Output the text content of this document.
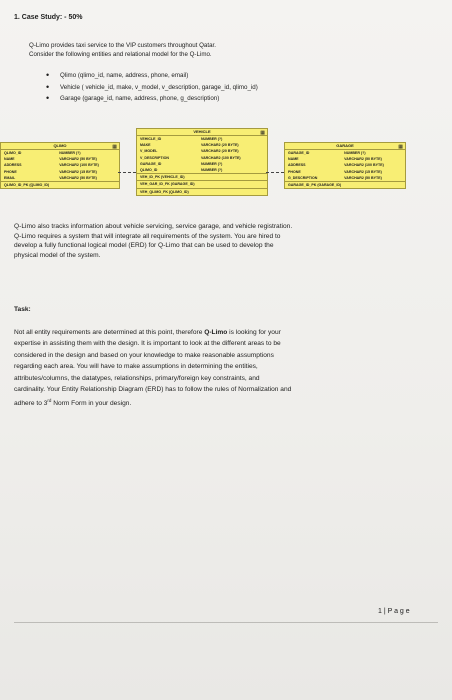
1. Case Study: - 50%
Q-Limo provides taxi service to the VIP customers throughout Qatar.
Consider the following entities and relational model for the Q-Limo.
• Qlimo (qlimo_id, name, address, phone, email)
• Vehicle ( vehicle_id, make, v_model, v_description, garage_id, qlimo_id)
• Garage (garage_id, name, address, phone, g_description)
▦
QLIMO
QLIMO_ID	NUMBER (?)
NAME	VARCHAR2 (50 BYTE)
ADDRESS	VARCHAR2 (100 BYTE)
PHONE	VARCHAR2 (15 BYTE)
EMAIL	VARCHAR2 (50 BYTE)
QLIMO_ID_PK (QLIMO_ID)
▦
VEHICLE
VEHICLE_ID	NUMBER (?)
MAKE	VARCHAR2 (20 BYTE)
V_MODEL	VARCHAR2 (20 BYTE)
V_DESCRIPTION	VARCHAR2 (100 BYTE)
GARAGE_ID	NUMBER (?)
QLIMO_ID	NUMBER (?)
VEH_ID_PK (VEHICLE_ID)
VEH_GAR_ID_FK (GARAGE_ID)
VEH_QLIMO_FK (QLIMO_ID)
▦
GARAGE
GARAGE_ID	NUMBER (?)
NAME	VARCHAR2 (50 BYTE)
ADDRESS	VARCHAR2 (100 BYTE)
PHONE	VARCHAR2 (15 BYTE)
G_DESCRIPTION	VARCHAR2 (50 BYTE)
GARAGE_ID_PK (GARAGE_ID)
Q-Limo also tracks information about vehicle servicing, service garage, and vehicle registration.
Q-Limo requires a system that will integrate all requirements of the system. You are hired to
develop a fully functional logical model (ERD) for Q-Limo that can be used to develop the
physical model of the system.
Task:
Not all entity requirements are determined at this point, therefore Q-Limo is looking for your
expertise in assisting them with the design. It is important to look at the different areas to be
considered in the design and based on your knowledge to make reasonable assumptions
regarding each area. You will have to make assumptions in determining the entities,
attributes/columns, the datatypes, relationships, primary/foreign key constraints, and
cardinality. Your Entity Relationship Diagram (ERD) has to follow the rules of Normalization and
adhere to 3rd Norm Form in your design.
1 | P a g e
